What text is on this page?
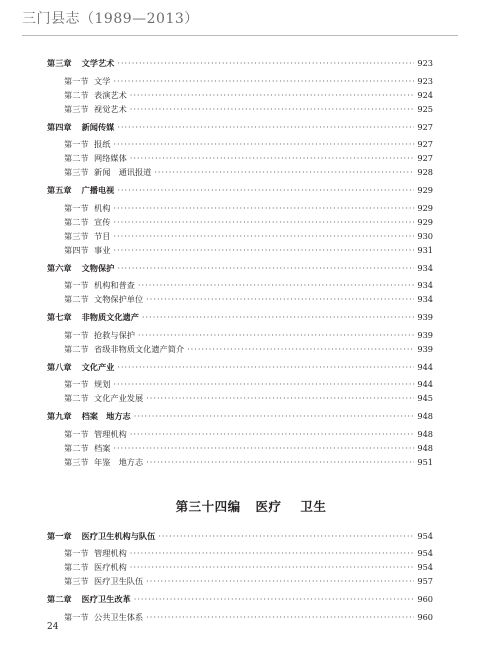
三门县志（1989—2013）
第三章 文学艺术 ·····	923
第一节 文学 ·····	923
第二节 表演艺术 ·····	924
第三节 视觉艺术 ·····	925
第四章 新闻传媒 ·····	927
第一节 报纸 ·····	927
第二节 网络媒体 ·····	927
第三节 新闻　通讯报道 ·····	928
第五章 广播电视 ·····	929
第一节 机构 ·····	929
第二节 宣传 ·····	929
第三节 节目 ·····	930
第四节 事业 ·····	931
第六章 文物保护 ·····	934
第一节 机构和普查 ·····	934
第二节 文物保护单位 ·····	934
第七章 非物质文化遗产 ·····	939
第一节 抢救与保护 ·····	939
第二节 省级非物质文化遗产简介 ·····	939
第八章 文化产业 ·····	944
第一节 规划 ·····	944
第二节 文化产业发展 ·····	945
第九章 档案　地方志 ·····	948
第一节 管理机构 ·····	948
第二节 档案 ·····	948
第三节 年鉴　地方志 ·····	951
第三十四编 医疗 卫生
第一章 医疗卫生机构与队伍 ·····	954
第一节 管理机构 ·····	954
第二节 医疗机构 ·····	954
第三节 医疗卫生队伍 ·····	957
第二章 医疗卫生改革 ·····	960
第一节 公共卫生体系 ·····	960
24
